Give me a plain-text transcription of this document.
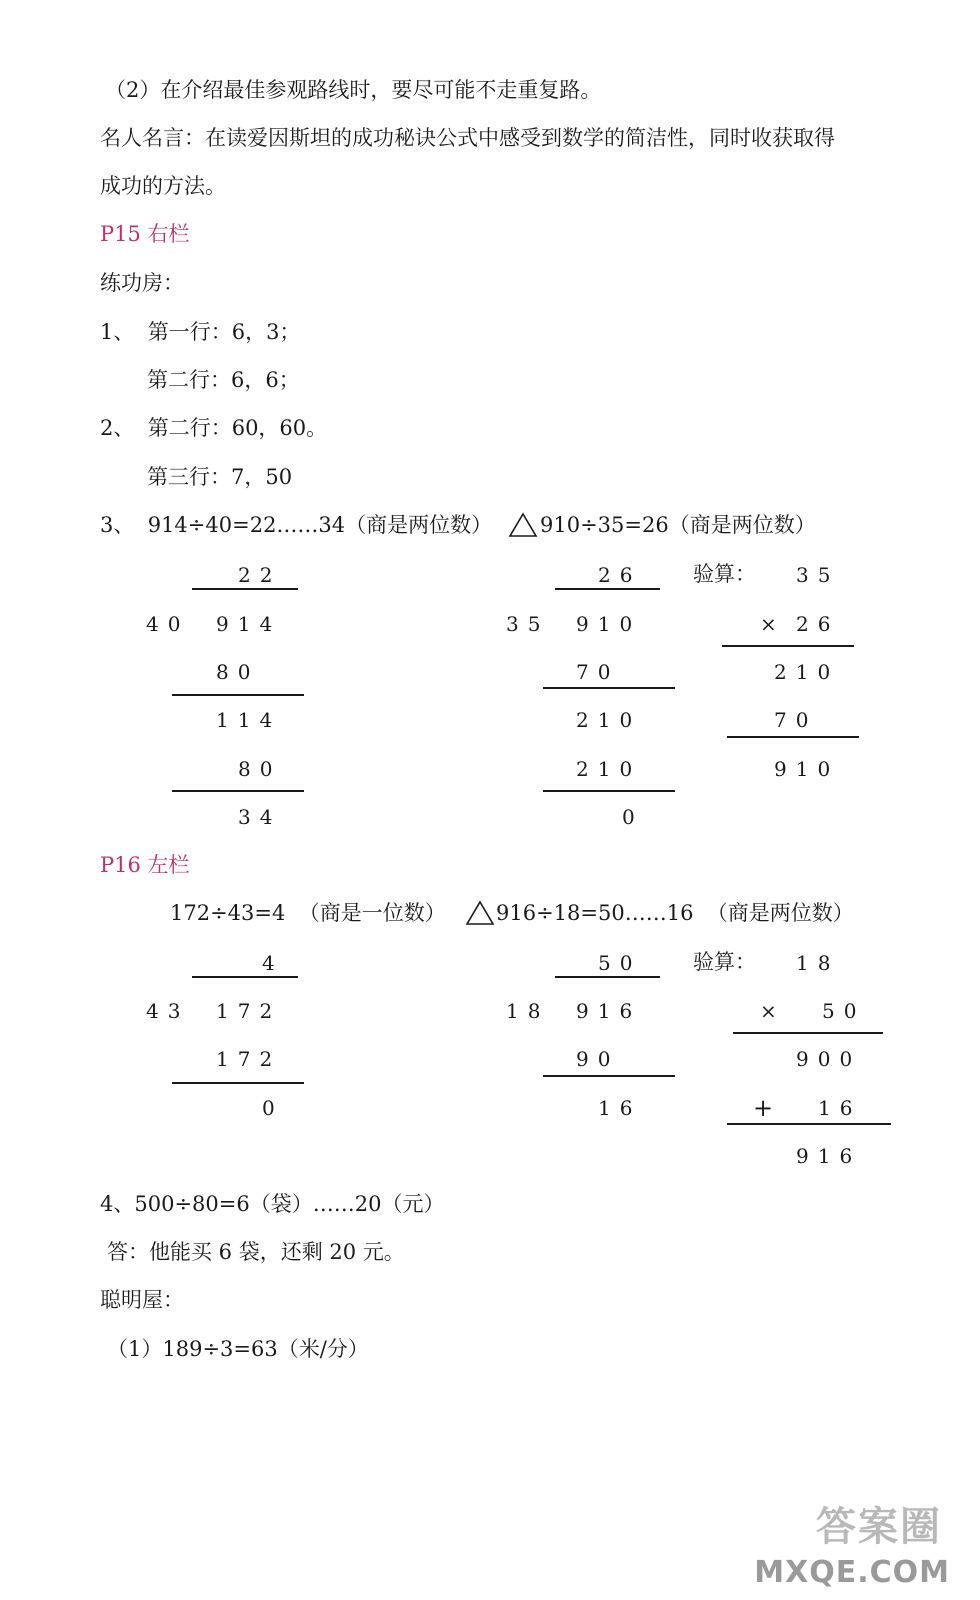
（2）在介绍最佳参观路线时，要尽可能不走重复路。
名人名言：在读爱因斯坦的成功秘诀公式中感受到数学的简洁性，同时收获取得
成功的方法。
P15 右栏
练功房：
1、  第一行：6，3；
第二行：6，6；
2、  第二行：60，60。
第三行：7，50
3、  914÷40=22……34（商是两位数） 910÷35=26（商是两位数）
22
40 914
80
114
80
34
26
35 910
70
210
210
0
验算： 35
× 26
210
70
910
P16 左栏
172÷43=4  （商是一位数） 916÷18=50……16  （商是两位数）
4
43 172
172
0
50
18 916
90
16
验算： 18
× 50
900
+ 16
916
4、500÷80=6（袋）……20（元）
答：他能买 6 袋，还剩 20 元。
聪明屋：
（1）189÷3=63（米/分）
答案圈
MXQE.COM
